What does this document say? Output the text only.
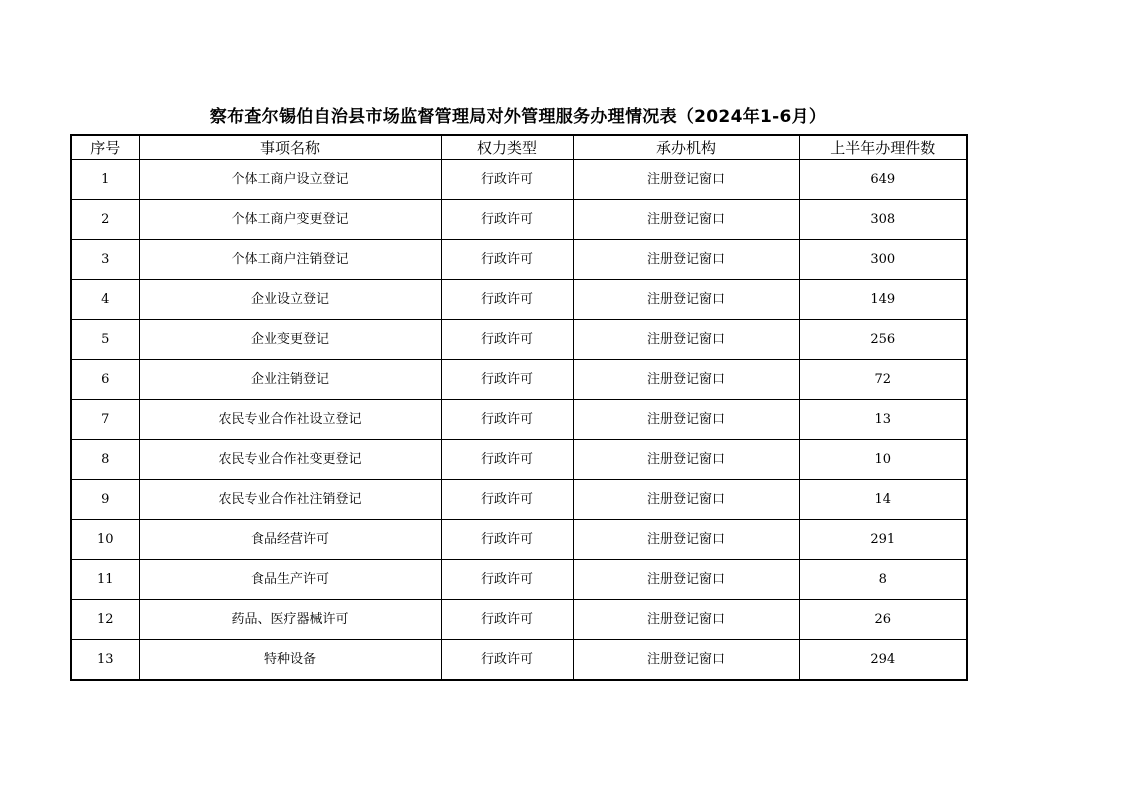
察布查尔锡伯自治县市场监督管理局对外管理服务办理情况表（2024年1-6月）
序号	事项名称	权力类型	承办机构	上半年办理件数
1	个体工商户设立登记	行政许可	注册登记窗口	649
2	个体工商户变更登记	行政许可	注册登记窗口	308
3	个体工商户注销登记	行政许可	注册登记窗口	300
4	企业设立登记	行政许可	注册登记窗口	149
5	企业变更登记	行政许可	注册登记窗口	256
6	企业注销登记	行政许可	注册登记窗口	72
7	农民专业合作社设立登记	行政许可	注册登记窗口	13
8	农民专业合作社变更登记	行政许可	注册登记窗口	10
9	农民专业合作社注销登记	行政许可	注册登记窗口	14
10	食品经营许可	行政许可	注册登记窗口	291
11	食品生产许可	行政许可	注册登记窗口	8
12	药品、医疗器械许可	行政许可	注册登记窗口	26
13	特种设备	行政许可	注册登记窗口	294
